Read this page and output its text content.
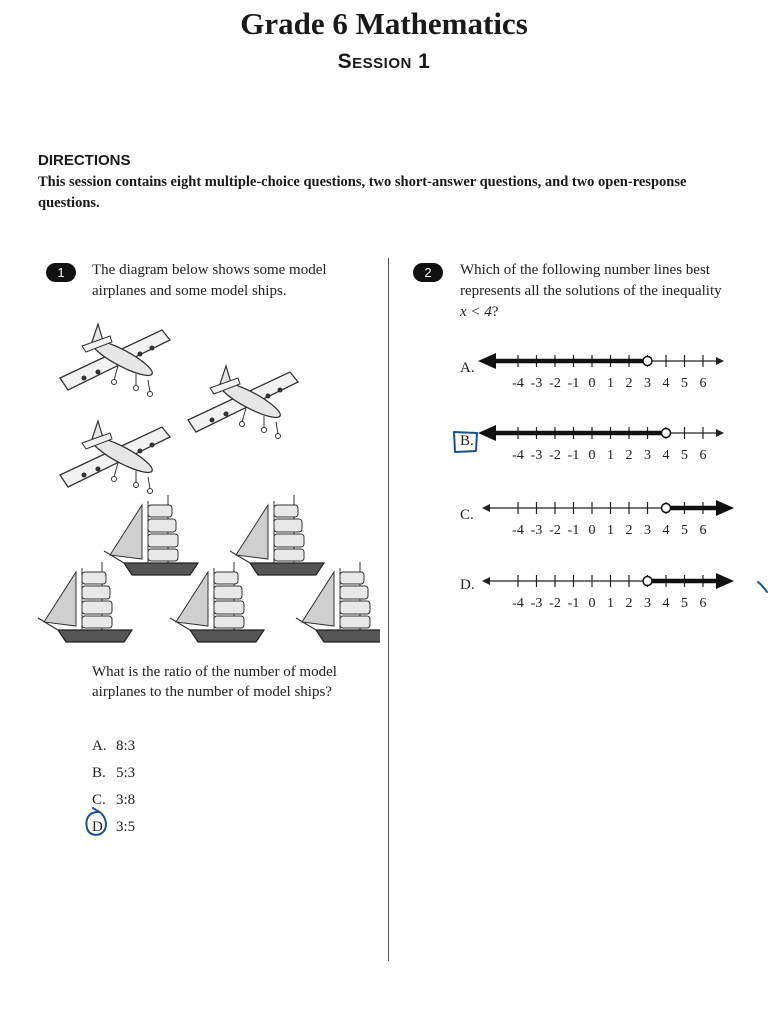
Grade 6 Mathematics
Session 1
DIRECTIONS
This session contains eight multiple-choice questions, two short-answer questions, and two open-response questions.
1	The diagram below shows some model airplanes and some model ships.
What is the ratio of the number of model airplanes to the number of model ships?
A. 8:3
B. 5:3
C. 3:8
D. 3:5
2	Which of the following number lines best represents all the solutions of the inequality x < 4?
A.
-4 -3 -2 -1 0 1 2 3 4 5 6
B.
-4 -3 -2 -1 0 1 2 3 4 5 6
C.
-4 -3 -2 -1 0 1 2 3 4 5 6
D.
-4 -3 -2 -1 0 1 2 3 4 5 6
